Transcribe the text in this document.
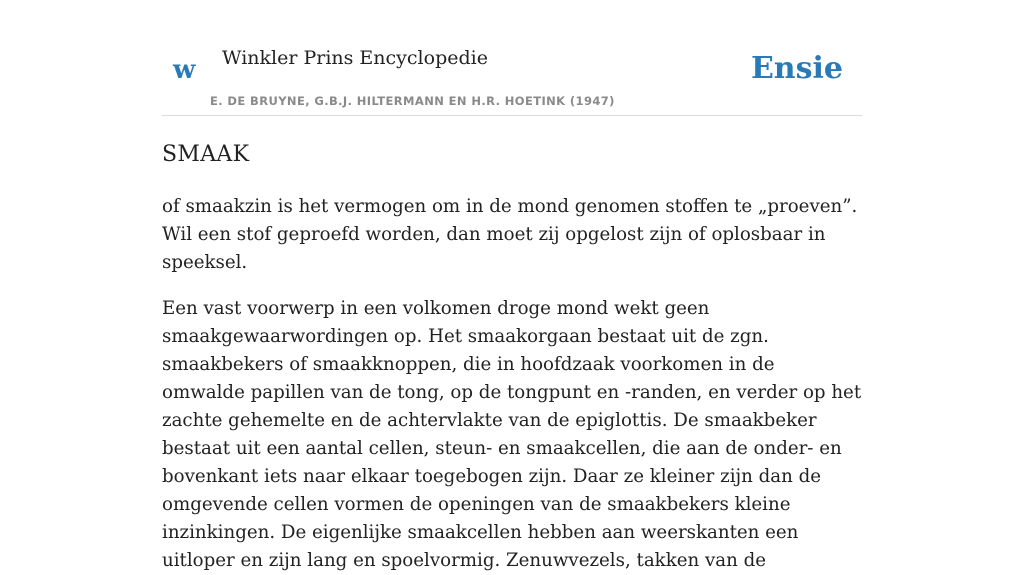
w Winkler Prins Encyclopedie
E. DE BRUYNE, G.B.J. HILTERMANN EN H.R. HOETINK (1947)
Ensie
SMAAK

of smaakzin is het vermogen om in de mond genomen stoffen te „proeven”. Wil een stof geproefd worden, dan moet zij opgelost zijn of oplosbaar in speeksel.

Een vast voorwerp in een volkomen droge mond wekt geen smaakgewaarwordingen op. Het smaakorgaan bestaat uit de zgn. smaakbekers of smaakknoppen, die in hoofdzaak voorkomen in de omwalde papillen van de tong, op de tongpunt en -randen, en verder op het zachte gehemelte en de achtervlakte van de epiglottis. De smaakbeker bestaat uit een aantal cellen, steun- en smaakcellen, die aan de onder- en bovenkant iets naar elkaar toegebogen zijn. Daar ze kleiner zijn dan de omgevende cellen vormen de openingen van de smaakbekers kleine inzinkingen. De eigenlijke smaakcellen hebben aan weerskanten een uitloper en zijn lang en spoelvormig. Zenuwvezels, takken van de
